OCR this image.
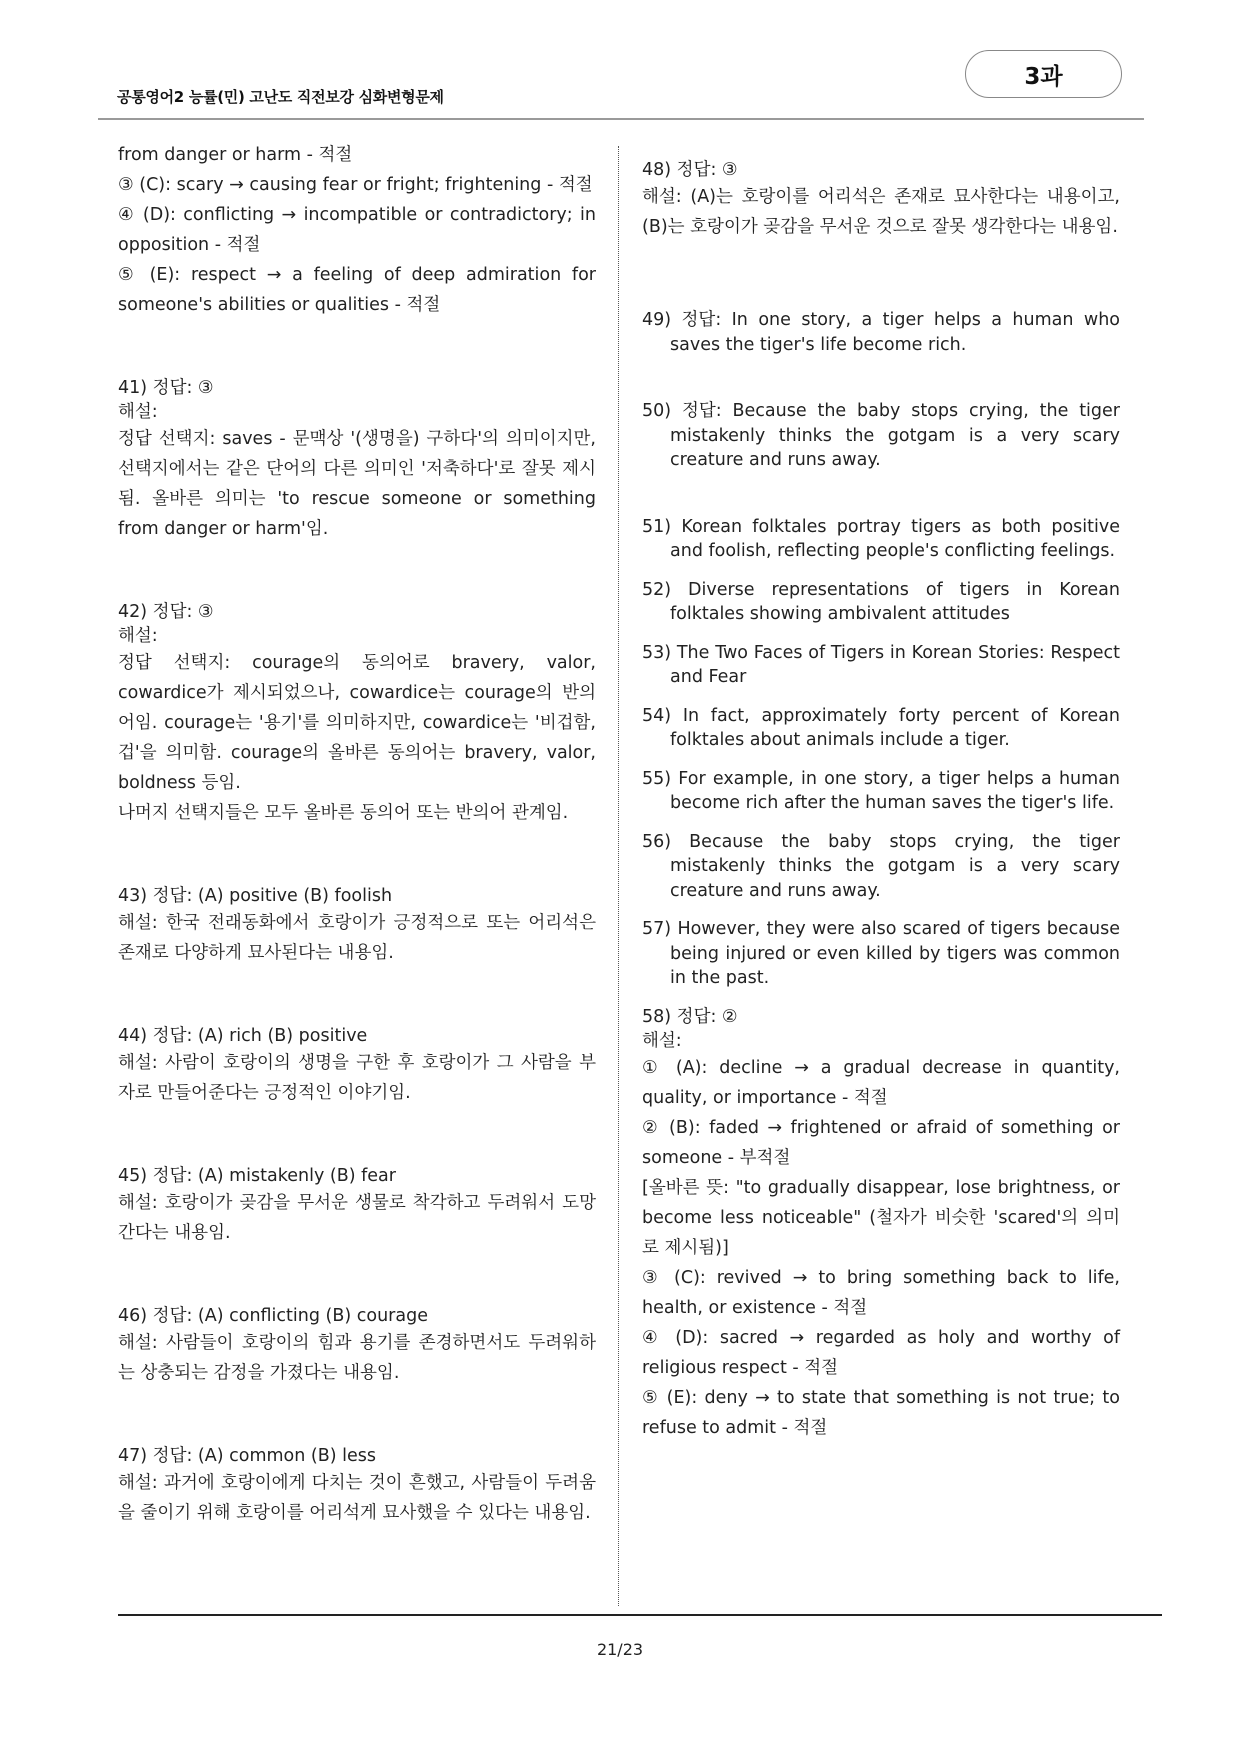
공통영어2 능률(민) 고난도 직전보강 심화변형문제
3과

from danger or harm - 적절

③ (C): scary → causing fear or fright; frightening - 적절

④ (D): conflicting → incompatible or contradictory; in opposition - 적절

⑤ (E): respect → a feeling of deep admiration for someone's abilities or qualities - 적절

41) 정답: ③

해설:

정답 선택지: saves - 문맥상 '(생명을) 구하다'의 의미이지만, 선택지에서는 같은 단어의 다른 의미인 '저축하다'로 잘못 제시됨. 올바른 의미는 'to rescue someone or something from danger or harm'임.

42) 정답: ③

해설:

정답 선택지: courage의 동의어로 bravery, valor, cowardice가 제시되었으나, cowardice는 courage의 반의어임. courage는 '용기'를 의미하지만, cowardice는 '비겁함, 겁'을 의미함. courage의 올바른 동의어는 bravery, valor, boldness 등임.

나머지 선택지들은 모두 올바른 동의어 또는 반의어 관계임.

43) 정답: (A) positive (B) foolish

해설: 한국 전래동화에서 호랑이가 긍정적으로 또는 어리석은 존재로 다양하게 묘사된다는 내용임.

44) 정답: (A) rich (B) positive

해설: 사람이 호랑이의 생명을 구한 후 호랑이가 그 사람을 부자로 만들어준다는 긍정적인 이야기임.

45) 정답: (A) mistakenly (B) fear

해설: 호랑이가 곶감을 무서운 생물로 착각하고 두려워서 도망간다는 내용임.

46) 정답: (A) conflicting (B) courage

해설: 사람들이 호랑이의 힘과 용기를 존경하면서도 두려워하는 상충되는 감정을 가졌다는 내용임.

47) 정답: (A) common (B) less

해설: 과거에 호랑이에게 다치는 것이 흔했고, 사람들이 두려움을 줄이기 위해 호랑이를 어리석게 묘사했을 수 있다는 내용임.

48) 정답: ③

해설: (A)는 호랑이를 어리석은 존재로 묘사한다는 내용이고, (B)는 호랑이가 곶감을 무서운 것으로 잘못 생각한다는 내용임.

49) 정답: In one story, a tiger helps a human who saves the tiger's life become rich.

50) 정답: Because the baby stops crying, the tiger mistakenly thinks the gotgam is a very scary creature and runs away.

51) Korean folktales portray tigers as both positive and foolish, reflecting people's conflicting feelings.

52) Diverse representations of tigers in Korean folktales showing ambivalent attitudes

53) The Two Faces of Tigers in Korean Stories: Respect and Fear

54) In fact, approximately forty percent of Korean folktales about animals include a tiger.

55) For example, in one story, a tiger helps a human become rich after the human saves the tiger's life.

56) Because the baby stops crying, the tiger mistakenly thinks the gotgam is a very scary creature and runs away.

57) However, they were also scared of tigers because being injured or even killed by tigers was common in the past.

58) 정답: ②

해설:

① (A): decline → a gradual decrease in quantity, quality, or importance - 적절

② (B): faded → frightened or afraid of something or someone - 부적절

[올바른 뜻: "to gradually disappear, lose brightness, or become less noticeable" (철자가 비슷한 'scared'의 의미로 제시됨)]

③ (C): revived → to bring something back to life, health, or existence - 적절

④ (D): sacred → regarded as holy and worthy of religious respect - 적절

⑤ (E): deny → to state that something is not true; to refuse to admit - 적절

21/23
